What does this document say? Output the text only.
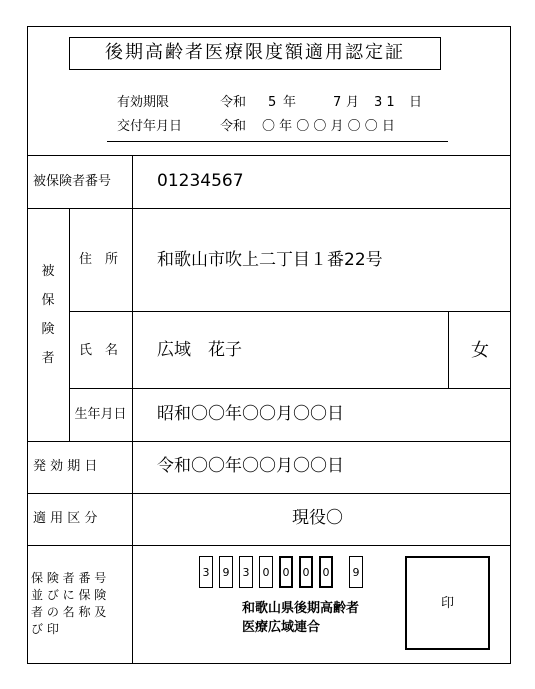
後期高齢者医療限度額適用認定証
有効期限	令和 5 年	7 月 3 1 日
交付年月日	令和 〇 年 〇 〇 月 〇 〇 日
被保険者番号	01234567
被
保
険
者
住　所 和歌山市吹上二丁目１番22号
氏　名 広域　花子	女
生年月日	昭和〇〇年〇〇月〇〇日
発 効 期 日	令和〇〇年〇〇月〇〇日
適 用 区 分	現役〇
保 険 者 番 号
並 び に 保 険
者 の 名 称 及
び 印
3	9	3	0	0	0	0	9
和歌山県後期高齢者
医療広域連合
印
